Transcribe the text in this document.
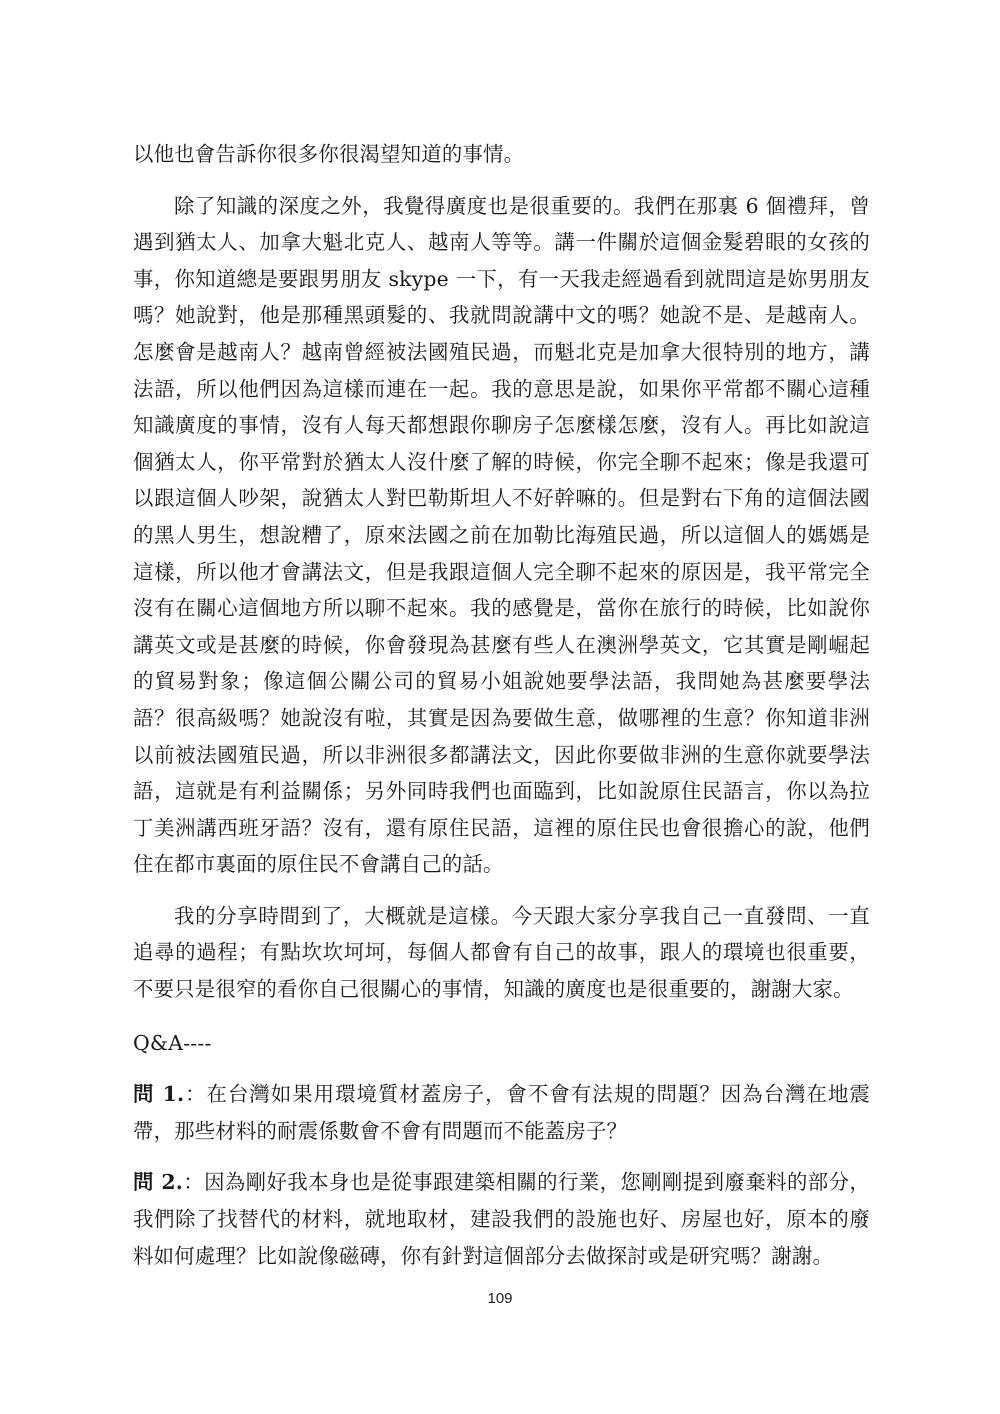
以他也會告訴你很多你很渴望知道的事情。

除了知識的深度之外，我覺得廣度也是很重要的。我們在那裏 6 個禮拜，曾遇到猶太人、加拿大魁北克人、越南人等等。講一件關於這個金髮碧眼的女孩的事，你知道總是要跟男朋友 skype 一下，有一天我走經過看到就問這是妳男朋友嗎？她說對，他是那種黑頭髮的、我就問說講中文的嗎？她說不是、是越南人。怎麼會是越南人？越南曾經被法國殖民過，而魁北克是加拿大很特別的地方，講法語，所以他們因為這樣而連在一起。我的意思是說，如果你平常都不關心這種知識廣度的事情，沒有人每天都想跟你聊房子怎麼樣怎麼，沒有人。再比如說這個猶太人，你平常對於猶太人沒什麼了解的時候，你完全聊不起來；像是我還可以跟這個人吵架，說猶太人對巴勒斯坦人不好幹嘛的。但是對右下角的這個法國的黑人男生，想說糟了，原來法國之前在加勒比海殖民過，所以這個人的媽媽是這樣，所以他才會講法文，但是我跟這個人完全聊不起來的原因是，我平常完全沒有在關心這個地方所以聊不起來。我的感覺是，當你在旅行的時候，比如說你講英文或是甚麼的時候，你會發現為甚麼有些人在澳洲學英文，它其實是剛崛起的貿易對象；像這個公關公司的貿易小姐說她要學法語，我問她為甚麼要學法語？很高級嗎？她說沒有啦，其實是因為要做生意，做哪裡的生意？你知道非洲以前被法國殖民過，所以非洲很多都講法文，因此你要做非洲的生意你就要學法語，這就是有利益關係；另外同時我們也面臨到，比如說原住民語言，你以為拉丁美洲講西班牙語？沒有，還有原住民語，這裡的原住民也會很擔心的說，他們住在都市裏面的原住民不會講自己的話。

我的分享時間到了，大概就是這樣。今天跟大家分享我自己一直發問、一直追尋的過程；有點坎坎坷坷，每個人都會有自己的故事，跟人的環境也很重要，不要只是很窄的看你自己很關心的事情，知識的廣度也是很重要的，謝謝大家。

Q&A----

問 1.：在台灣如果用環境質材蓋房子，會不會有法規的問題？因為台灣在地震帶，那些材料的耐震係數會不會有問題而不能蓋房子？

問 2.：因為剛好我本身也是從事跟建築相關的行業，您剛剛提到廢棄料的部分，我們除了找替代的材料，就地取材，建設我們的設施也好、房屋也好，原本的廢料如何處理？比如說像磁磚，你有針對這個部分去做探討或是研究嗎？謝謝。

109
